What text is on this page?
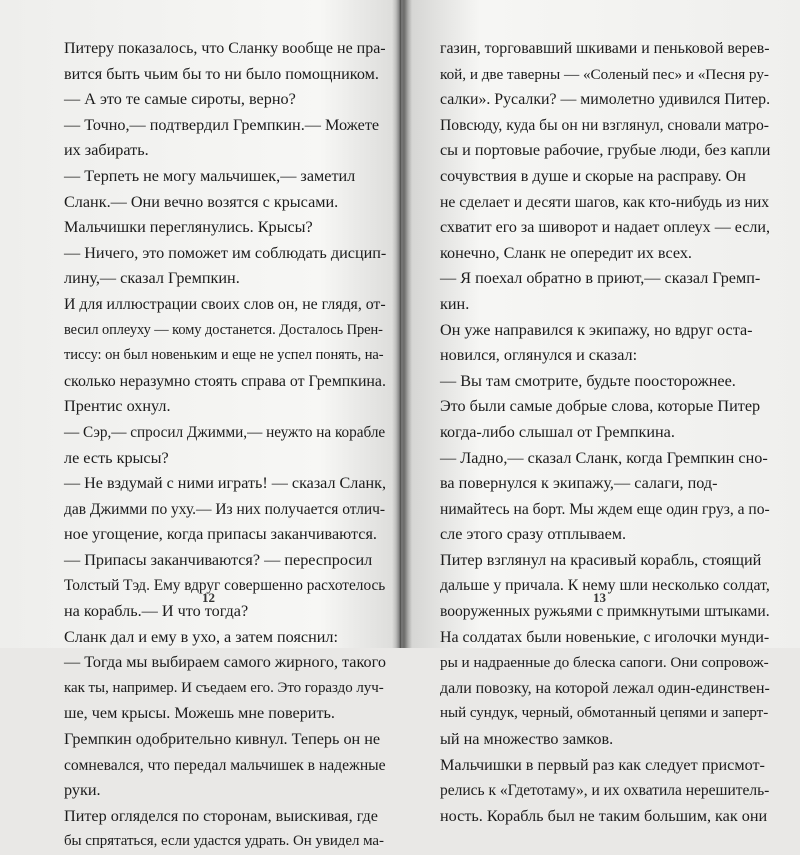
Питеру показалось, что Сланку вообще не пра-
вится быть чьим бы то ни было помощником.
— А это те самые сироты, верно?
— Точно,— подтвердил Гремпкин.— Можете
их забирать.
— Терпеть не могу мальчишек,— заметил
Сланк.— Они вечно возятся с крысами.
Мальчишки переглянулись. Крысы?
— Ничего, это поможет им соблюдать дисцип-
лину,— сказал Гремпкин.
И для иллюстрации своих слов он, не глядя, от-
весил оплеуху — кому достанется. Досталось Прен-
тиссу: он был новеньким и еще не успел понять, на-
сколько неразумно стоять справа от Гремпкина.
Прентис охнул.
— Сэр,— спросил Джимми,— неужто на корабле
ле есть крысы?
— Не вздумай с ними играть! — сказал Сланк,
дав Джимми по уху.— Из них получается отлич-
ное угощение, когда припасы заканчиваются.
— Припасы заканчиваются? — переспросил
Толстый Тэд. Ему вдруг совершенно расхотелось
на корабль.— И что тогда?
Сланк дал и ему в ухо, а затем пояснил:
— Тогда мы выбираем самого жирного, такого
как ты, например. И съедаем его. Это гораздо луч-
ше, чем крысы. Можешь мне поверить.
Гремпкин одобрительно кивнул. Теперь он не
сомневался, что передал мальчишек в надежные
руки.
Питер огляделся по сторонам, выискивая, где
бы спрятаться, если удастся удрать. Он увидел ма-
12
газин, торговавший шкивами и пеньковой верев-
кой, и две таверны — «Соленый пес» и «Песня ру-
салки». Русалки? — мимолетно удивился Питер.
Повсюду, куда бы он ни взглянул, сновали матро-
сы и портовые рабочие, грубые люди, без капли
сочувствия в душе и скорые на расправу. Он
не сделает и десяти шагов, как кто-нибудь из них
схватит его за шиворот и надает оплеух — если,
конечно, Сланк не опередит их всех.
— Я поехал обратно в приют,— сказал Гремп-
кин.
Он уже направился к экипажу, но вдруг оста-
новился, оглянулся и сказал:
— Вы там смотрите, будьте поосторожнее.
Это были самые добрые слова, которые Питер
когда-либо слышал от Гремпкина.
— Ладно,— сказал Сланк, когда Гремпкин сно-
ва повернулся к экипажу,— салаги, под-
нимайтесь на борт. Мы ждем еще один груз, а по-
сле этого сразу отплываем.
Питер взглянул на красивый корабль, стоящий
дальше у причала. К нему шли несколько солдат,
вооруженных ружьями с примкнутыми штыками.
На солдатах были новенькие, с иголочки мунди-
ры и надраенные до блеска сапоги. Они сопровож-
дали повозку, на которой лежал один-единствен-
ный сундук, черный, обмотанный цепями и заперт-
ый на множество замков.
Мальчишки в первый раз как следует присмот-
релись к «Гдетотаму», и их охватила нерешитель-
ность. Корабль был не таким большим, как они
13
